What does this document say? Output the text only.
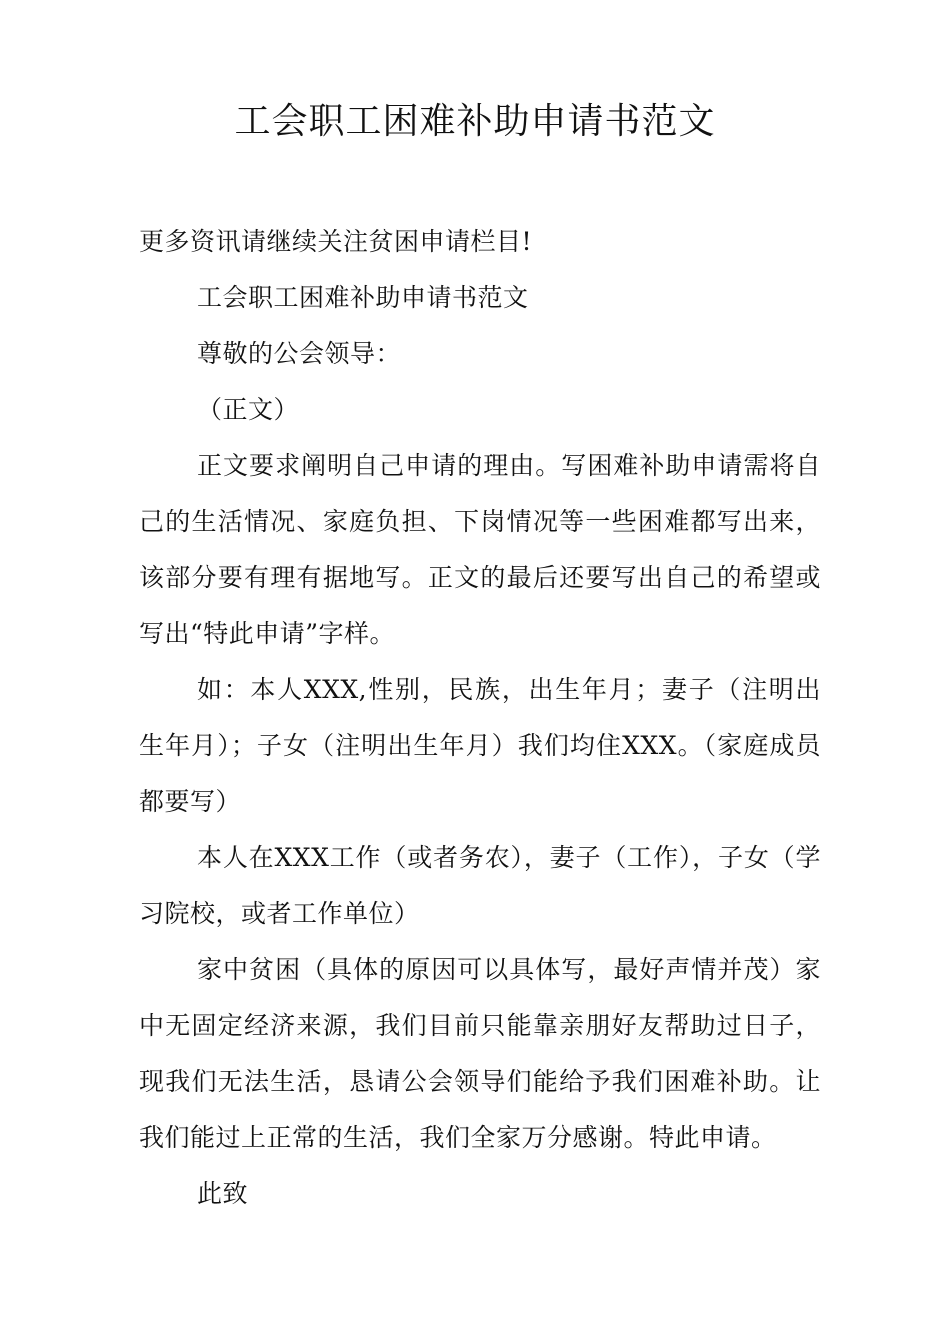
工会职工困难补助申请书范文

更多资讯请继续关注贫困申请栏目!

工会职工困难补助申请书范文

尊敬的公会领导：

（正文）

正文要求阐明自己申请的理由。写困难补助申请需将自己的生活情况、家庭负担、下岗情况等一些困难都写出来，该部分要有理有据地写。正文的最后还要写出自己的希望或写出“特此申请”字样。

如：本人XXX,性别，民族，出生年月；妻子（注明出生年月）；子女（注明出生年月）我们均住XXX。（家庭成员都要写）

本人在XXX工作（或者务农），妻子（工作），子女（学习院校，或者工作单位）

家中贫困（具体的原因可以具体写，最好声情并茂）家中无固定经济来源，我们目前只能靠亲朋好友帮助过日子，现我们无法生活，恳请公会领导们能给予我们困难补助。让我们能过上正常的生活，我们全家万分感谢。特此申请。

此致
